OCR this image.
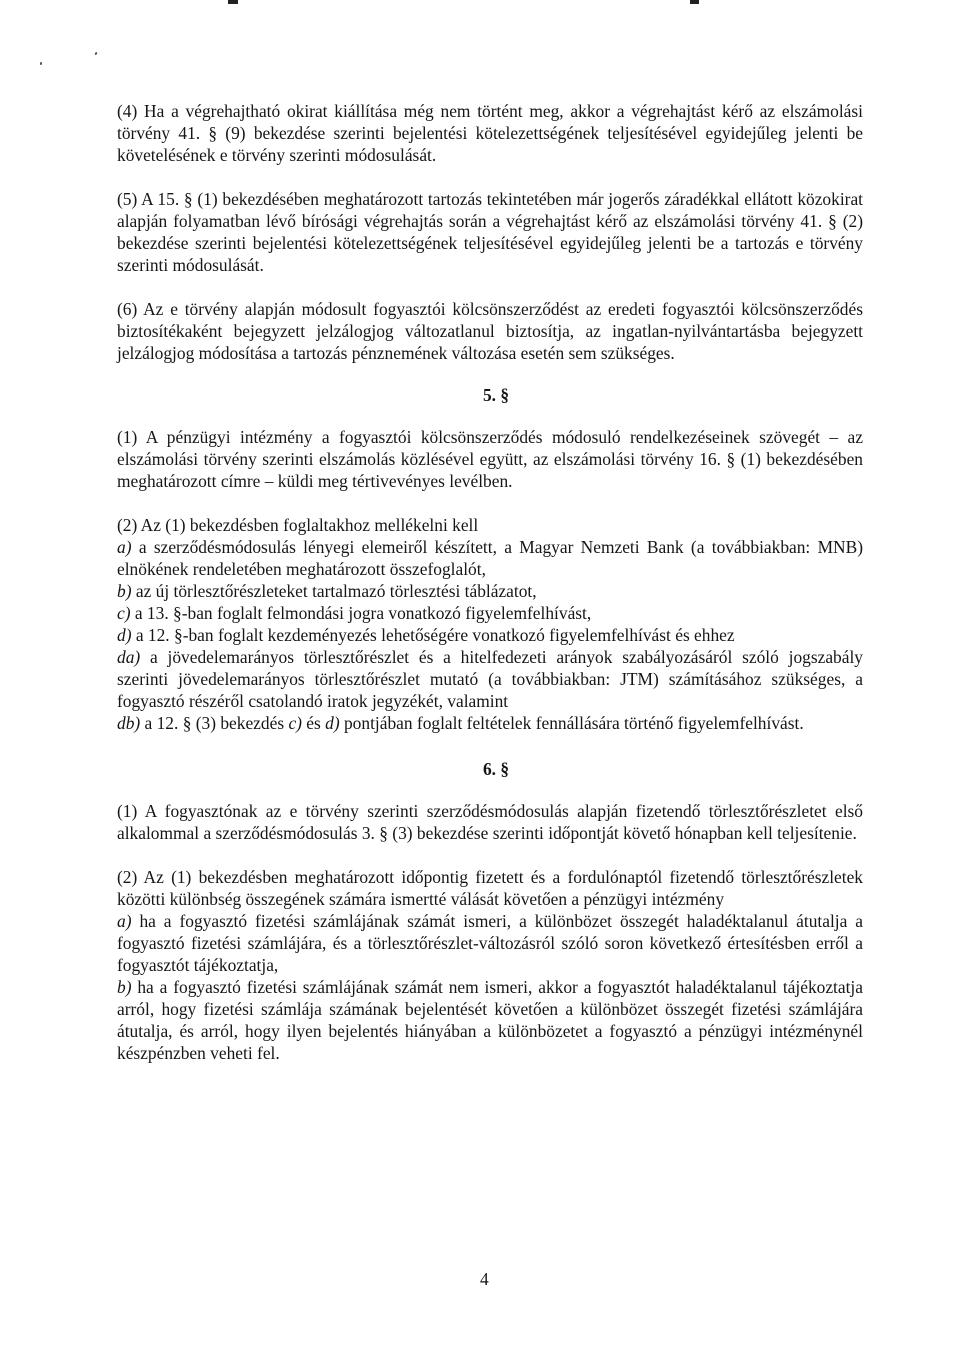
(4) Ha a végrehajtható okirat kiállítása még nem történt meg, akkor a végrehajtást kérő az elszámolási törvény 41. § (9) bekezdése szerinti bejelentési kötelezettségének teljesítésével egyidejűleg jelenti be követelésének e törvény szerinti módosulását.

(5) A 15. § (1) bekezdésében meghatározott tartozás tekintetében már jogerős záradékkal ellátott közokirat alapján folyamatban lévő bírósági végrehajtás során a végrehajtást kérő az elszámolási törvény 41. § (2) bekezdése szerinti bejelentési kötelezettségének teljesítésével egyidejűleg jelenti be a tartozás e törvény szerinti módosulását.

(6) Az e törvény alapján módosult fogyasztói kölcsönszerződést az eredeti fogyasztói kölcsönszerződés biztosítékaként bejegyzett jelzálogjog változatlanul biztosítja, az ingatlan-nyilvántartásba bejegyzett jelzálogjog módosítása a tartozás pénznemének változása esetén sem szükséges.

5. §

(1) A pénzügyi intézmény a fogyasztói kölcsönszerződés módosuló rendelkezéseinek szövegét – az elszámolási törvény szerinti elszámolás közlésével együtt, az elszámolási törvény 16. § (1) bekezdésében meghatározott címre – küldi meg tértivevényes levélben.

(2) Az (1) bekezdésben foglaltakhoz mellékelni kell

a) a szerződésmódosulás lényegi elemeiről készített, a Magyar Nemzeti Bank (a továbbiakban: MNB) elnökének rendeletében meghatározott összefoglalót,

b) az új törlesztőrészleteket tartalmazó törlesztési táblázatot,

c) a 13. §-ban foglalt felmondási jogra vonatkozó figyelemfelhívást,

d) a 12. §-ban foglalt kezdeményezés lehetőségére vonatkozó figyelemfelhívást és ehhez

da) a jövedelemarányos törlesztőrészlet és a hitelfedezeti arányok szabályozásáról szóló jogszabály szerinti jövedelemarányos törlesztőrészlet mutató (a továbbiakban: JTM) számításához szükséges, a fogyasztó részéről csatolandó iratok jegyzékét, valamint

db) a 12. § (3) bekezdés c) és d) pontjában foglalt feltételek fennállására történő figyelemfelhívást.

6. §

(1) A fogyasztónak az e törvény szerinti szerződésmódosulás alapján fizetendő törlesztőrészletet első alkalommal a szerződésmódosulás 3. § (3) bekezdése szerinti időpontját követő hónapban kell teljesítenie.

(2) Az (1) bekezdésben meghatározott időpontig fizetett és a fordulónaptól fizetendő törlesztőrészletek közötti különbség összegének számára ismertté válását követően a pénzügyi intézmény

a) ha a fogyasztó fizetési számlájának számát ismeri, a különbözet összegét haladéktalanul átutalja a fogyasztó fizetési számlájára, és a törlesztőrészlet-változásról szóló soron következő értesítésben erről a fogyasztót tájékoztatja,

b) ha a fogyasztó fizetési számlájának számát nem ismeri, akkor a fogyasztót haladéktalanul tájékoztatja arról, hogy fizetési számlája számának bejelentését követően a különbözet összegét fizetési számlájára átutalja, és arról, hogy ilyen bejelentés hiányában a különbözetet a fogyasztó a pénzügyi intézménynél készpénzben veheti fel.

4
